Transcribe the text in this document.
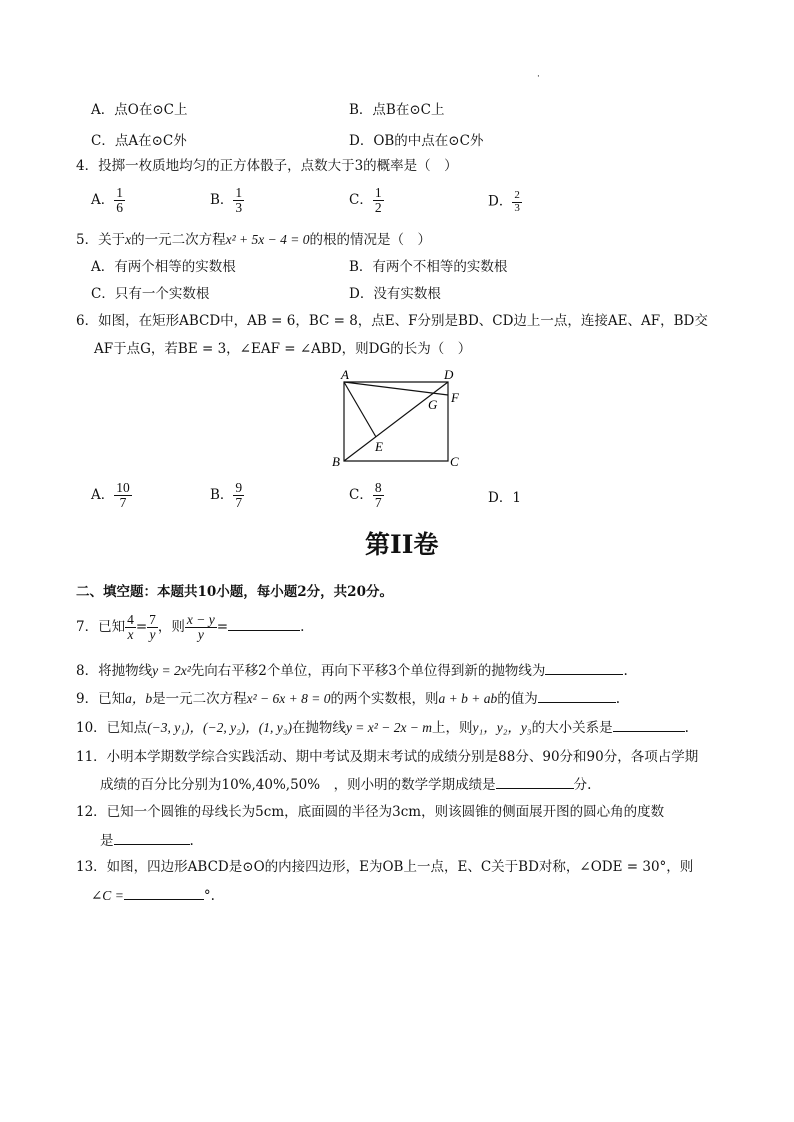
·
A．点O在⊙C上	B．点B在⊙C上
C．点A在⊙C外	D．OB的中点在⊙C外
4．投掷一枚质地均匀的正方体骰子，点数大于3的概率是（　）
A． $\frac{1}{6}$	B． $\frac{1}{3}$	C． $\frac{1}{2}$	D． $\frac{2}{3}$
5．关于x的一元二次方程x² + 5x − 4 = 0的根的情况是（　）
A．有两个相等的实数根	B．有两个不相等的实数根
C．只有一个实数根	D．没有实数根
6．如图，在矩形ABCD中，AB = 6，BC = 8，点E、F分别是BD、CD边上一点，连接AE、AF，BD交
AF于点G，若BE = 3，∠EAF = ∠ABD，则DG的长为（　）
A	D
F
G
E
B	C
A． $\frac{10}{7}$	B． $\frac{9}{7}$	C． $\frac{8}{7}$	D．1
第II卷
二、填空题：本题共10小题，每小题2分，共20分。
7．已知 $\frac{4}{x} = \frac{7}{y}$ ，则 $\frac{x - y}{y}$ =	.
8．将抛物线y = 2x²先向右平移2个单位，再向下平移3个单位得到新的抛物线为	.
9．已知a，b是一元二次方程x² − 6x + 8 = 0的两个实数根，则a + b + ab的值为	.
10．已知点(−3, y₁)，(−2, y₂)，(1, y₃)在抛物线y = x² − 2x − m上，则y₁，y₂，y₃的大小关系是	.
11．小明本学期数学综合实践活动、期中考试及期末考试的成绩分别是88分、90分和90分，各项占学期
成绩的百分比分别为10%,40%,50%　，则小明的数学学期成绩是	分.
12．已知一个圆锥的母线长为5cm，底面圆的半径为3cm，则该圆锥的侧面展开图的圆心角的度数
是	.
13．如图，四边形ABCD是⊙O的内接四边形，E为OB上一点，E、C关于BD对称，∠ODE = 30°，则
∠C =	°.
